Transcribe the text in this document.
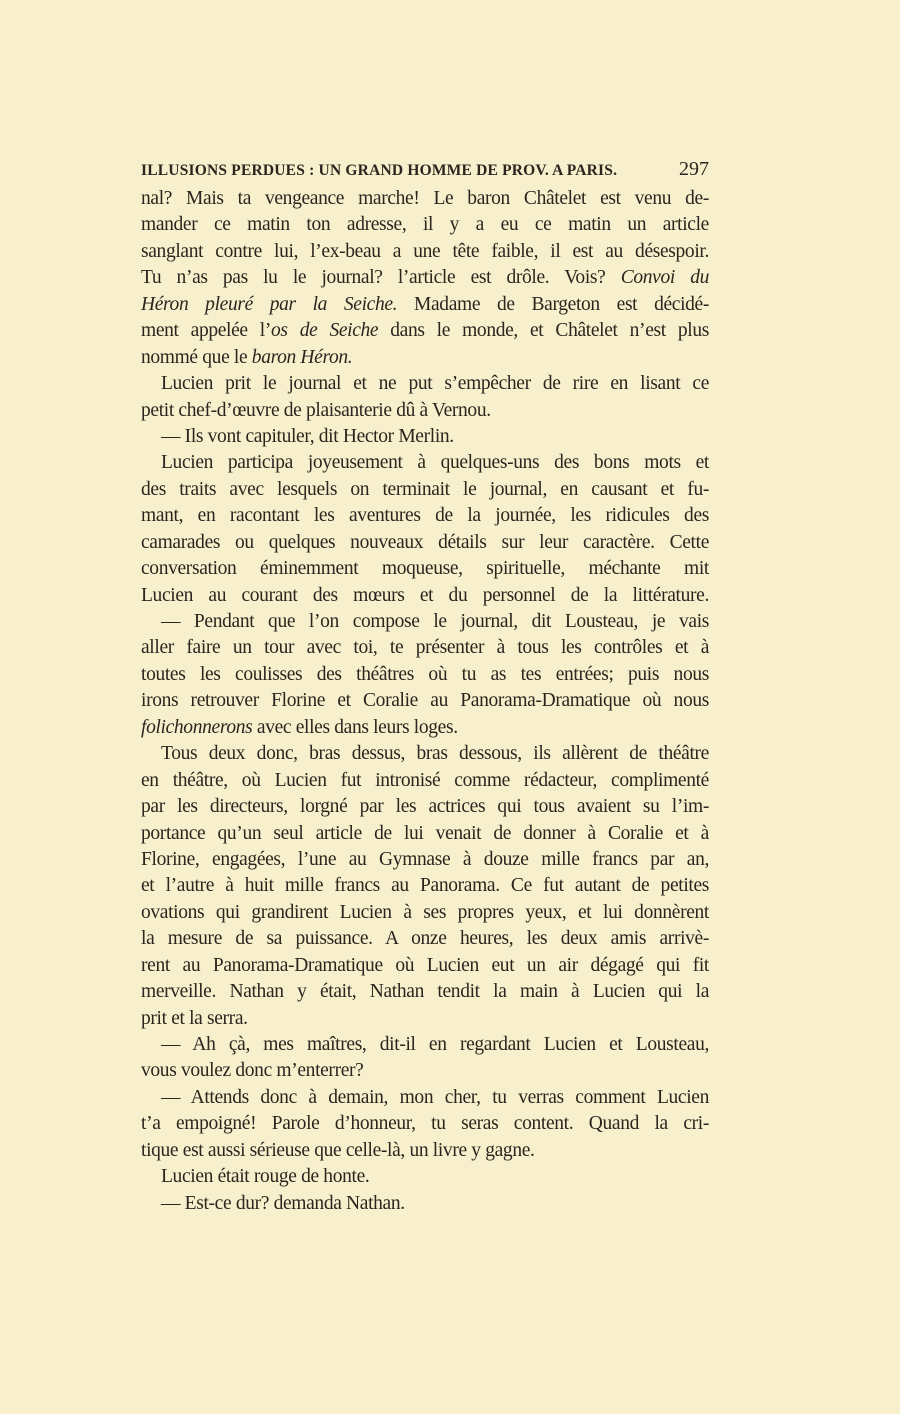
ILLUSIONS PERDUES : UN GRAND HOMME DE PROV. A PARIS.	297
nal? Mais ta vengeance marche! Le baron Châtelet est venu de-
mander ce matin ton adresse, il y a eu ce matin un article
sanglant contre lui, l’ex-beau a une tête faible, il est au désespoir.
Tu n’as pas lu le journal? l’article est drôle. Vois? Convoi du
Héron pleuré par la Seiche. Madame de Bargeton est décidé-
ment appelée l’os de Seiche dans le monde, et Châtelet n’est plus
nommé que le baron Héron.
Lucien prit le journal et ne put s’empêcher de rire en lisant ce
petit chef-d’œuvre de plaisanterie dû à Vernou.
— Ils vont capituler, dit Hector Merlin.
Lucien participa joyeusement à quelques-uns des bons mots et
des traits avec lesquels on terminait le journal, en causant et fu-
mant, en racontant les aventures de la journée, les ridicules des
camarades ou quelques nouveaux détails sur leur caractère. Cette
conversation éminemment moqueuse, spirituelle, méchante mit
Lucien au courant des mœurs et du personnel de la littérature.
— Pendant que l’on compose le journal, dit Lousteau, je vais
aller faire un tour avec toi, te présenter à tous les contrôles et à
toutes les coulisses des théâtres où tu as tes entrées; puis nous
irons retrouver Florine et Coralie au Panorama-Dramatique où nous
folichonnerons avec elles dans leurs loges.
Tous deux donc, bras dessus, bras dessous, ils allèrent de théâtre
en théâtre, où Lucien fut intronisé comme rédacteur, complimenté
par les directeurs, lorgné par les actrices qui tous avaient su l’im-
portance qu’un seul article de lui venait de donner à Coralie et à
Florine, engagées, l’une au Gymnase à douze mille francs par an,
et l’autre à huit mille francs au Panorama. Ce fut autant de petites
ovations qui grandirent Lucien à ses propres yeux, et lui donnèrent
la mesure de sa puissance. A onze heures, les deux amis arrivè-
rent au Panorama-Dramatique où Lucien eut un air dégagé qui fit
merveille. Nathan y était, Nathan tendit la main à Lucien qui la
prit et la serra.
— Ah çà, mes maîtres, dit-il en regardant Lucien et Lousteau,
vous voulez donc m’enterrer?
— Attends donc à demain, mon cher, tu verras comment Lucien
t’a empoigné! Parole d’honneur, tu seras content. Quand la cri-
tique est aussi sérieuse que celle-là, un livre y gagne.
Lucien était rouge de honte.
— Est-ce dur? demanda Nathan.
